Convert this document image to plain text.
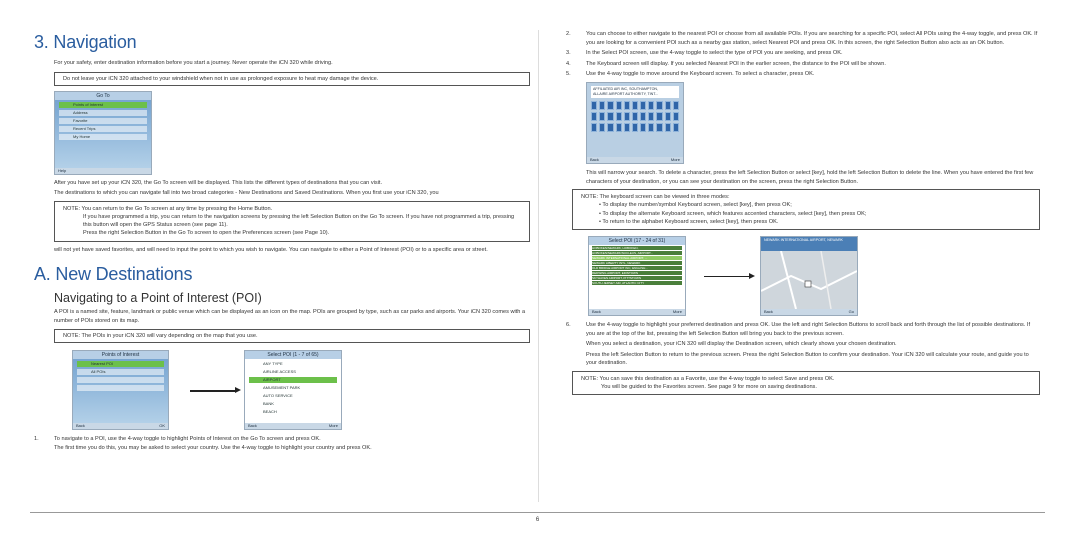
3. Navigation
For your safety, enter destination information before you start a journey. Never operate the iCN 320 while driving.
Do not leave your iCN 320 attached to your windshield when not in use as prolonged exposure to heat may damage the device.
Go To
Points of Interest
Address
Favorite
Recent Trips
My Home
Help
After you have set up your iCN 320, the Go To screen will be displayed. This lists the different types of destinations that you can visit.
The destinations to which you can navigate fall into two broad categories - New Destinations and Saved Destinations. When you first use your iCN 320, you
NOTE: You can return to the Go To screen at any time by pressing the Home Button.
If you have programmed a trip, you can return to the navigation screens by pressing the left Selection Button on the Go To screen. If you have not programmed a trip, pressing this button will open the GPS Status screen (see page 11).
Press the right Selection Button in the Go To screen to open the Preferences screen (see Page 10).
will not yet have saved favorites, and will need to input the point to which you wish to navigate. You can navigate to either a Point of Interest (POI) or to a specific area or street.
A. New Destinations
Navigating to a Point of Interest (POI)
A POI is a named site, feature, landmark or public venue which can be displayed as an icon on the map. POIs are grouped by type, such as car parks and airports. Your iCN 320 comes with a number of POIs stored on its map.
NOTE: The POIs in your iCN 320 will vary depending on the map that you use.
Points of Interest
Nearest POI
All POIs
Back	OK
Select POI (1 - 7 of 65)
ANY TYPE
AIRLINE ACCESS
AIRPORT
AMUSEMENT PARK
AUTO SERVICE
BANK
BEACH
Back	More
1.	To navigate to a POI, use the 4-way toggle to highlight Points of Interest on the Go To screen and press OK.
The first time you do this, you may be asked to select your country. Use the 4-way toggle to highlight your country and press OK.
2.	You can choose to either navigate to the nearest POI or choose from all available POIs. If you are searching for a specific POI, select All POIs using the 4-way toggle, and press OK. If you are looking for a convenient POI such as a nearby gas station, select Nearest POI and press OK. In this screen, the right Selection Button also acts as an OK button.
3.	In the Select POI screen, use the 4-way toggle to select the type of POI you are seeking, and press OK.
4.	The Keyboard screen will display. If you selected Nearest POI in the earlier screen, the distance to the POI will be shown.
5.	Use the 4-way toggle to move around the Keyboard screen. To select a character, press OK.
AFFILIATED AIR INC, SOUTHAMPTON,
ALLAIRE AIRPORT AUTHORITY, TINT...
Back	More
This will narrow your search. To delete a character, press the left Selection Button or select [key], hold the left Selection Button to delete the line. When you have entered the first few characters of your destination, or you can see your destination on the screen, press the right Selection Button.
NOTE: The keyboard screen can be viewed in three modes:
• To display the number/symbol Keyboard screen, select [key], then press OK;
• To display the alternate Keyboard screen, which features accented characters, select [key], then press OK;
• To return to the alphabet Keyboard screen, select [key], then press OK.
Select POI (17 - 24 of 31)
HOBOKEN/NEWARK, HOBOKEN,
HOBOKEN/NEWARK/NUCLEUS, AIRPORT...
NEWARK INTERNATIONAL AIRPORT, ...
NEWARK LIBERTY INTL, NEWARK
OLD BRIDGE AIRPORT INC, ENGLISH...
REDWING AIRPORT, EDINTOWN
SKYHAVEN AIRPORT, PITTSTOWN
SOUTH JERSEY AIR, ATLANTIC CITY
Back	More
NEWARK INTERNATIONAL AIRPORT, NEWARK
Back	Go
6.	Use the 4-way toggle to highlight your preferred destination and press OK. Use the left and right Selection Buttons to scroll back and forth through the list of possible destinations. If you are at the top of the list, pressing the left Selection Button will bring you back to the previous screen.
When you select a destination, your iCN 320 will display the Destination screen, which clearly shows your chosen destination.
Press the left Selection Button to return to the previous screen. Press the right Selection Button to confirm your destination. Your iCN 320 will calculate your route, and guide you to your destination.
NOTE: You can save this destination as a Favorite, use the 4-way toggle to select Save and press OK.
You will be guided to the Favorites screen. See page 9 for more on saving destinations.
6
